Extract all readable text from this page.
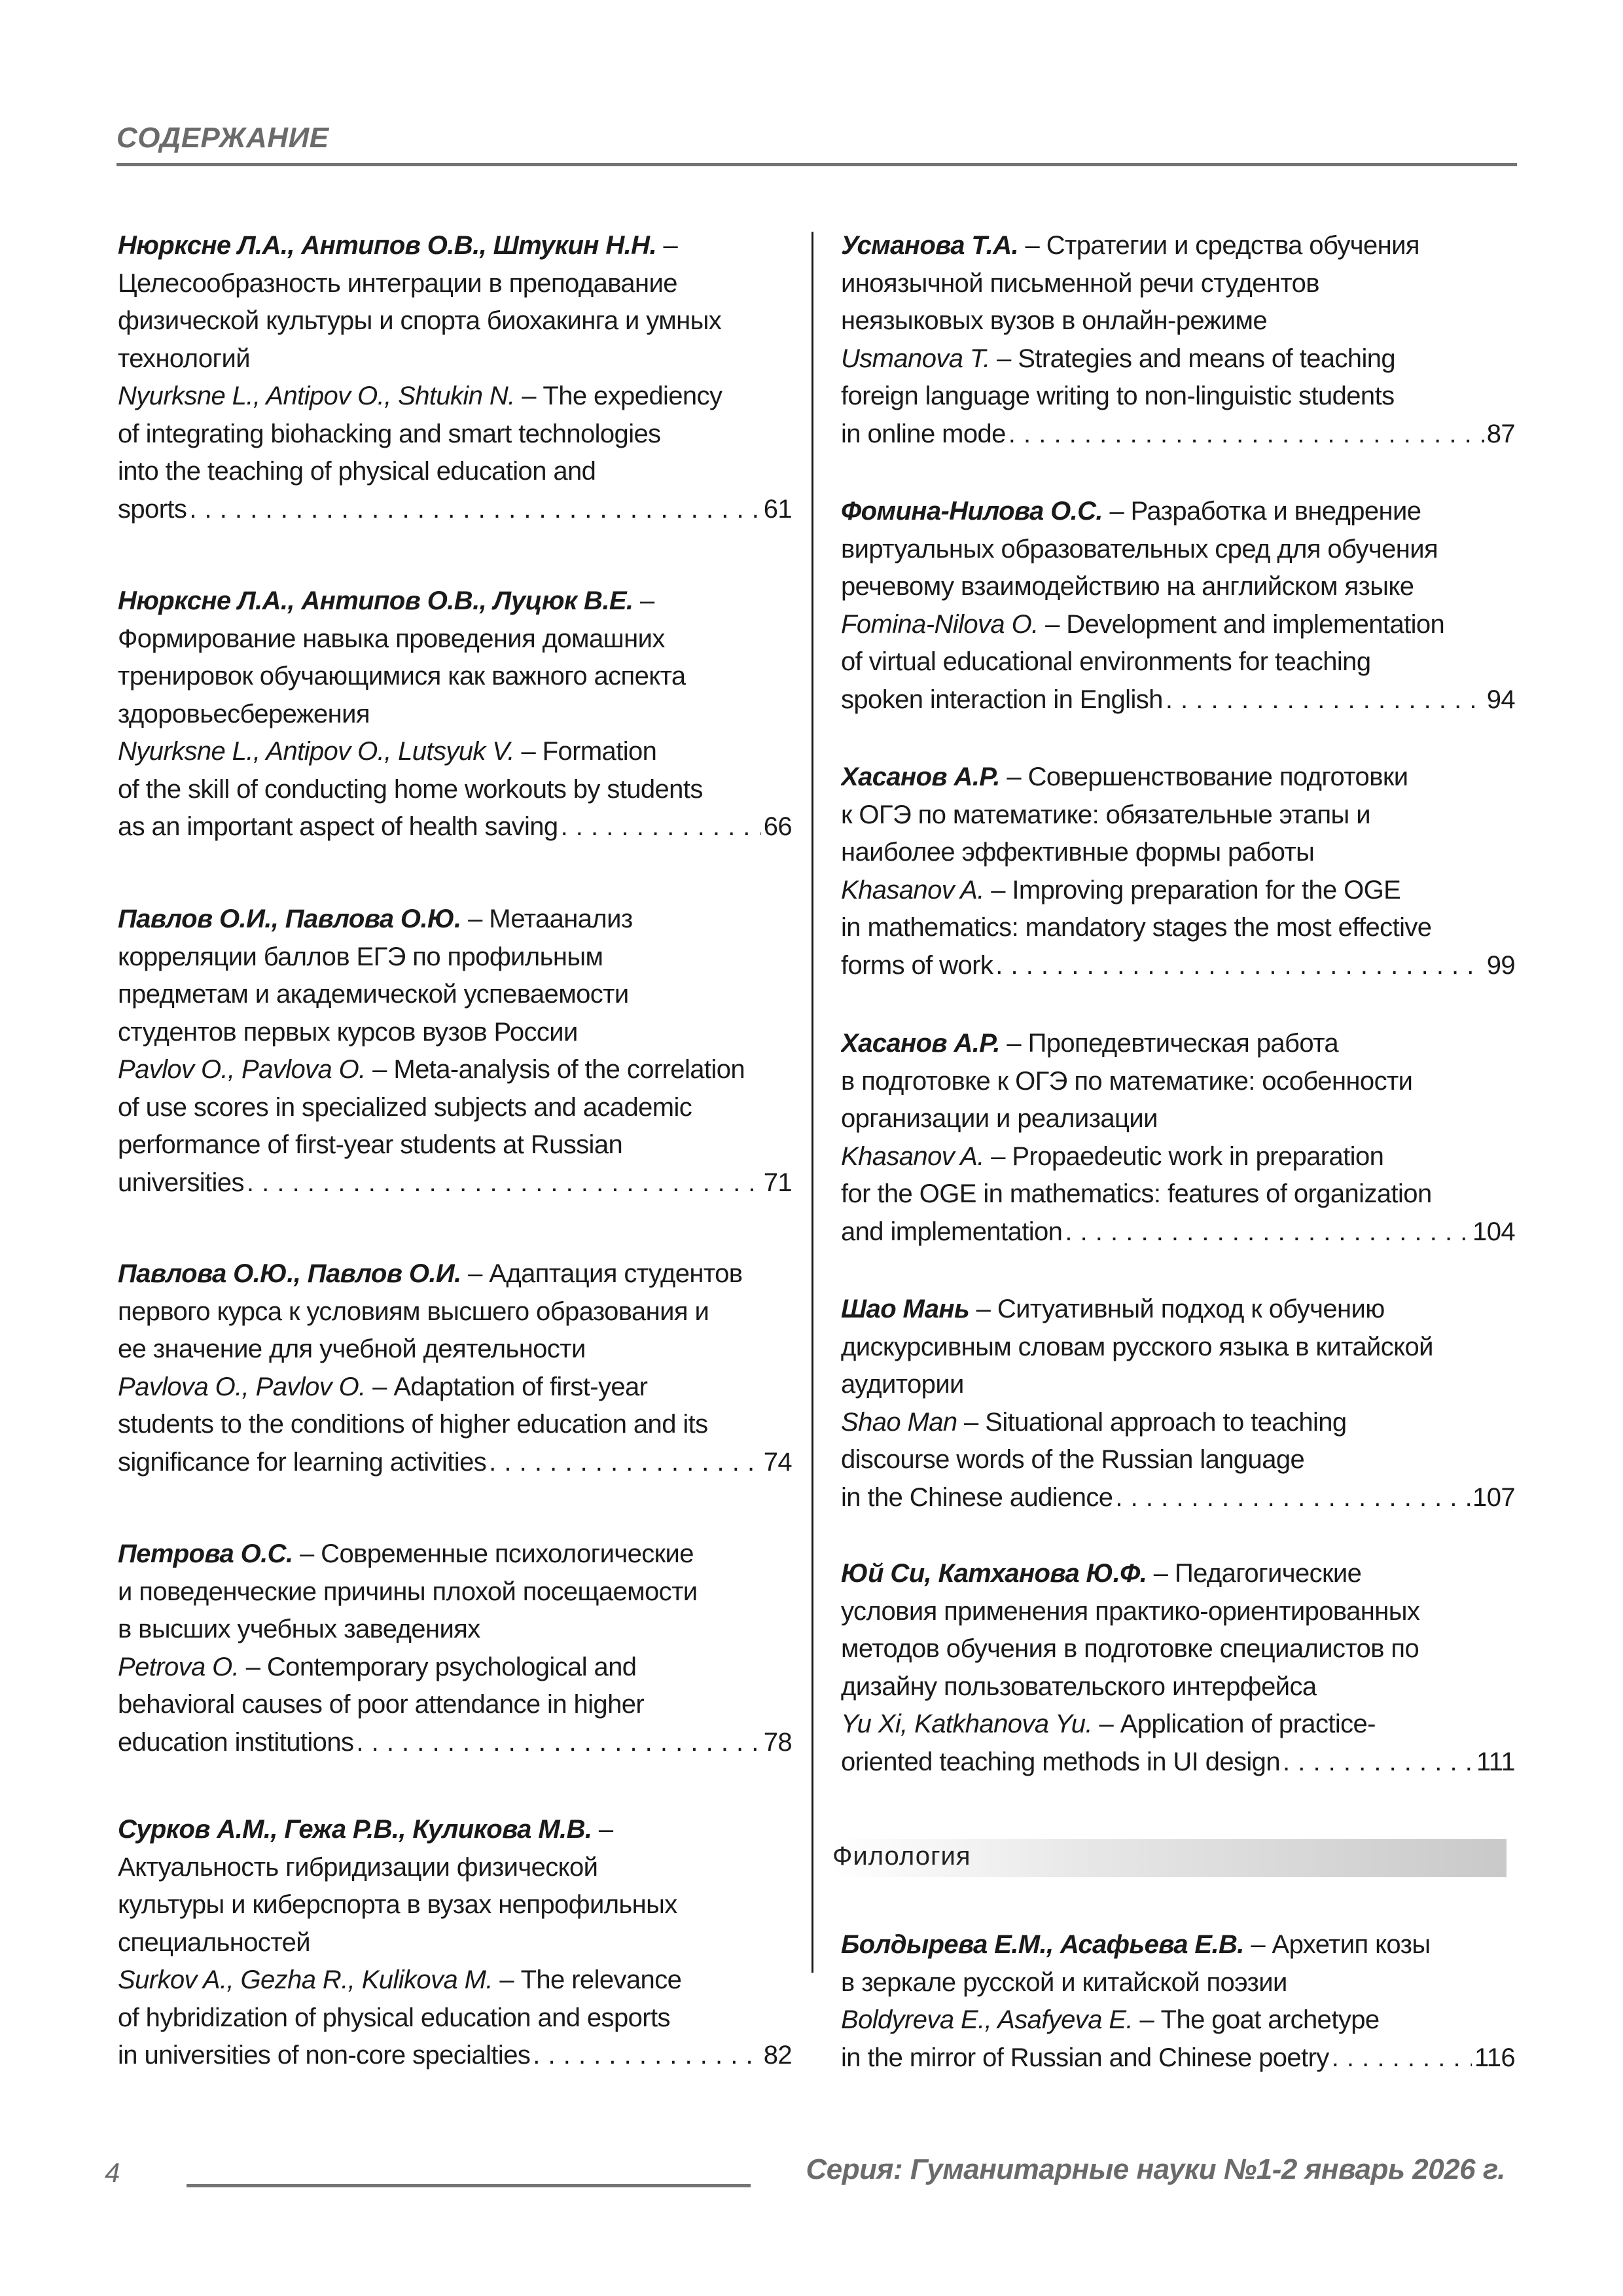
СОДЕРЖАНИЕ
Нюрксне Л.А., Антипов О.В., Штукин Н.Н. –
Целесообразность интеграции в преподавание
физической культуры и спорта биохакинга и умных
технологий
Nyurksne L., Antipov O., Shtukin N. – The expediency
of integrating biohacking and smart technologies
into the teaching of physical education and
sports . . .	61
Нюрксне Л.А., Антипов О.В., Луцюк В.Е. –
Формирование навыка проведения домашних
тренировок обучающимися как важного аспекта
здоровьесбережения
Nyurksne L., Antipov O., Lutsyuk V. – Formation
of the skill of conducting home workouts by students
as an important aspect of health saving . . .	66
Павлов О.И., Павлова О.Ю. – Метаанализ
корреляции баллов ЕГЭ по профильным
предметам и академической успеваемости
студентов первых курсов вузов России
Pavlov O., Pavlova O. – Meta-analysis of the correlation
of use scores in specialized subjects and academic
performance of first-year students at Russian
universities . . .	71
Павлова О.Ю., Павлов О.И. – Адаптация студентов
первого курса к условиям высшего образования и
ее значение для учебной деятельности
Pavlova O., Pavlov O. – Adaptation of first-year
students to the conditions of higher education and its
significance for learning activities . . .	74
Петрова О.С. – Современные психологические
и поведенческие причины плохой посещаемости
в высших учебных заведениях
Petrova O. – Contemporary psychological and
behavioral causes of poor attendance in higher
education institutions . . .	78
Сурков А.М., Гежа Р.В., Куликова М.В. –
Актуальность гибридизации физической
культуры и киберспорта в вузах непрофильных
специальностей
Surkov A., Gezha R., Kulikova M. – The relevance
of hybridization of physical education and esports
in universities of non-core specialties . . .	82
Усманова Т.А. – Стратегии и средства обучения
иноязычной письменной речи студентов
неязыковых вузов в онлайн-режиме
Usmanova T. – Strategies and means of teaching
foreign language writing to non-linguistic students
in online mode . . .	87
Фомина-Нилова О.С. – Разработка и внедрение
виртуальных образовательных сред для обучения
речевому взаимодействию на английском языке
Fomina-Nilova O. – Development and implementation
of virtual educational environments for teaching
spoken interaction in English . . .	94
Хасанов А.Р. – Совершенствование подготовки
к ОГЭ по математике: обязательные этапы и
наиболее эффективные формы работы
Khasanov A. – Improving preparation for the OGE
in mathematics: mandatory stages the most effective
forms of work . . .	99
Хасанов А.Р. – Пропедевтическая работа
в подготовке к ОГЭ по математике: особенности
организации и реализации
Khasanov A. – Propaedeutic work in preparation
for the OGE in mathematics: features of organization
and implementation . . .	104
Шао Мань – Ситуативный подход к обучению
дискурсивным словам русского языка в китайской
аудитории
Shao Man – Situational approach to teaching
discourse words of the Russian language
in the Chinese audience . . .	107
Юй Си, Катханова Ю.Ф. – Педагогические
условия применения практико-ориентированных
методов обучения в подготовке специалистов по
дизайну пользовательского интерфейса
Yu Xi, Katkhanova Yu. – Application of practice-
oriented teaching methods in UI design . . .	111
Филология
Болдырева Е.М., Асафьева Е.В. – Архетип козы
в зеркале русской и китайской поэзии
Boldyreva E., Asafyeva E. – The goat archetype
in the mirror of Russian and Chinese poetry . . .	116
4	Серия: Гуманитарные науки №1-2 январь 2026 г.
